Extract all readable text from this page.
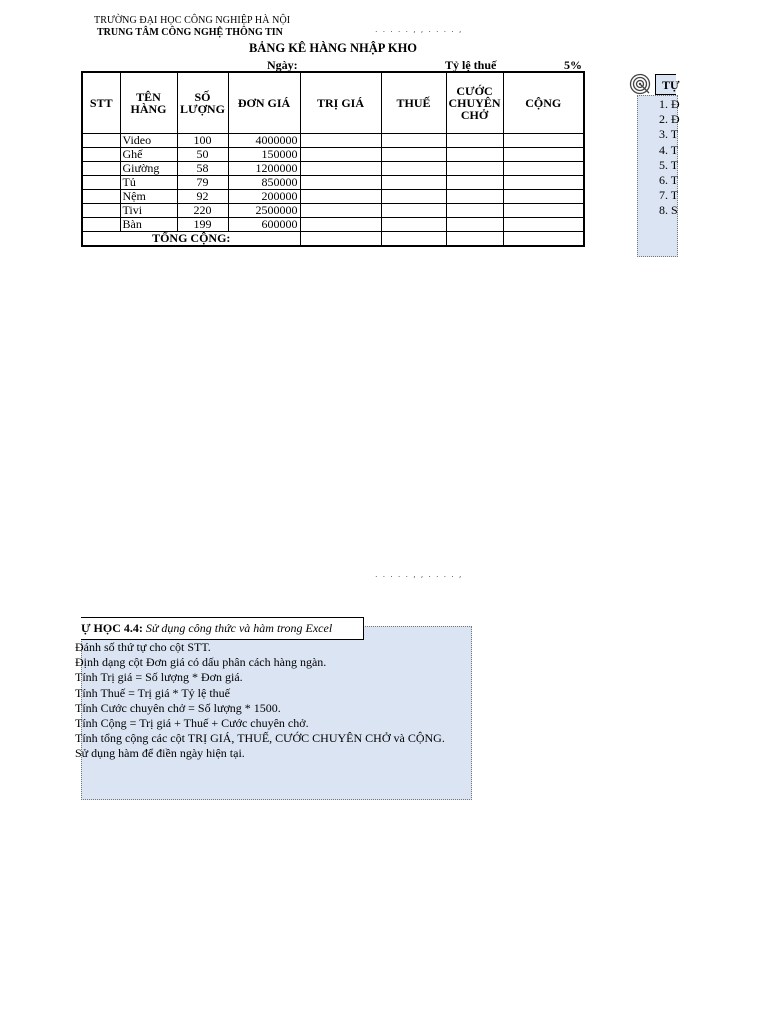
TRƯỜNG ĐẠI HỌC CÔNG NGHIỆP HÀ NỘI
TRUNG TÂM CÔNG NGHỆ THÔNG TIN	.  .  .  .  .  ,  ,  .  .  .  .  ,
BẢNG KÊ HÀNG NHẬP KHO
Ngày:	Tỷ lệ thuế	5%
STT	TÊN HÀNG	SỐ LƯỢNG	ĐƠN GIÁ	TRỊ GIÁ	THUẾ	CƯỚC CHUYÊN CHỞ	CỘNG
	Video	100	4000000				
	Ghế	50	150000				
	Giường	58	1200000				
	Tủ	79	850000				
	Nệm	92	200000				
	Tivi	220	2500000				
	Bàn	199	600000				
TỔNG CỘNG:							
TỰ
1. Đ
2. Đ
3. T
4. T
5. T
6. T
7. T
8. S
.  .  .  .  .  ,  ,  .  .  .  .  ,
Ự HỌC 4.4: Sử dụng công thức và hàm trong Excel
Đánh số thứ tự cho cột STT.
Định dạng cột Đơn giá có dấu phân cách hàng ngàn.
Tính Trị giá = Số lượng * Đơn giá.
Tính Thuế = Trị giá * Tỷ lệ thuế
Tính Cước chuyên chở = Số lượng * 1500.
Tính Cộng = Trị giá + Thuế + Cước chuyên chở.
Tính tổng cộng các cột TRỊ GIÁ, THUẾ, CƯỚC CHUYÊN CHỞ và CỘNG.
Sử dụng hàm để điền ngày hiện tại.
